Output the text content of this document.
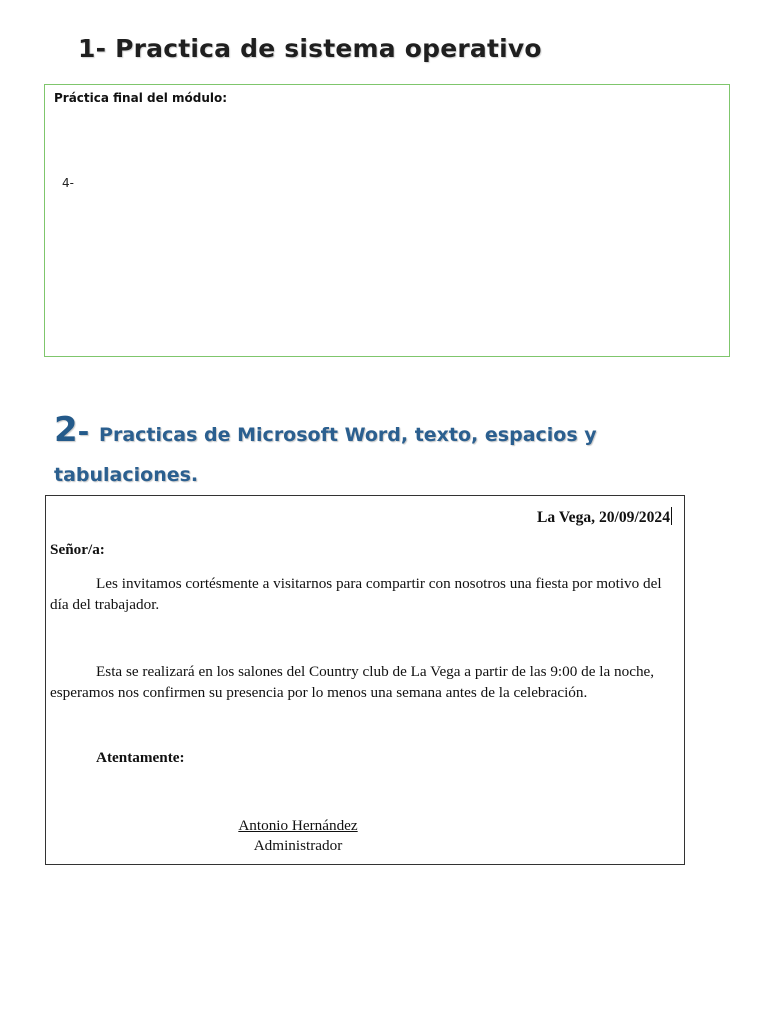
1- Practica de sistema operativo
Práctica final del módulo:
4-
2- Practicas de Microsoft Word, texto, espacios y
tabulaciones.
La Vega, 20/09/2024
Señor/a:

Les invitamos cortésmente a visitarnos para compartir con nosotros una fiesta por motivo del día del trabajador.

Esta se realizará en los salones del Country club de La Vega a partir de las 9:00 de la noche, esperamos nos confirmen su presencia por lo menos una semana antes de la celebración.

Atentamente:
Antonio Hernández
Administrador
